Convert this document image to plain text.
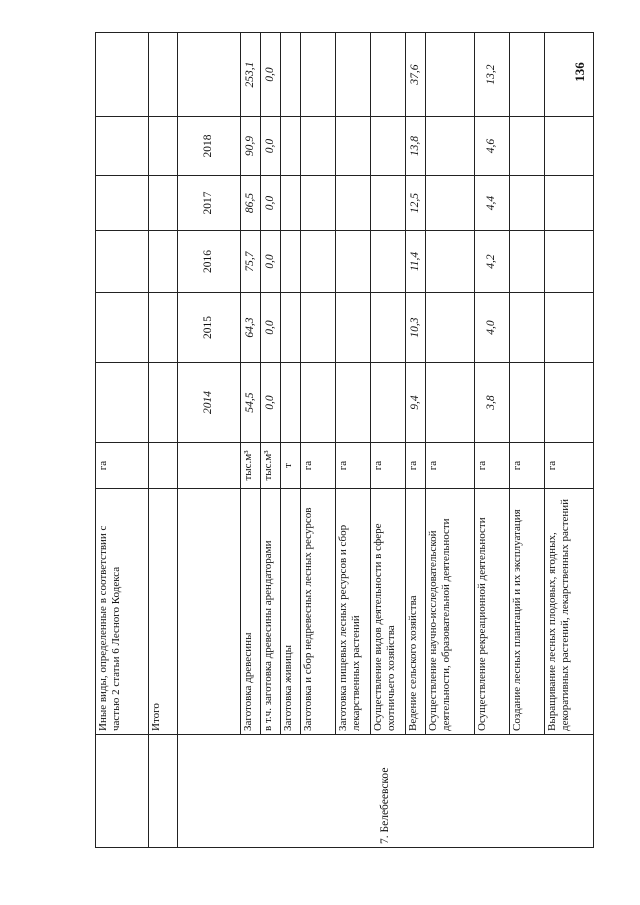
136
	Иные виды, определенные в соответствии с частью 2 статьи 6 Лесного Кодекса	га						
	Итого							
7. Белебеевское			2014	2015	2016	2017	2018	
	Заготовка древесины	тыс.м³	54,5	64,3	75,7	86,5	90,9	253,1
	в т.ч. заготовка древесины арендаторами	тыс.м³	0,0	0,0	0,0	0,0	0,0	0,0
	Заготовка живицы	т						
	Заготовка и сбор недревесных лесных ресурсов	га						
	Заготовка пищевых лесных ресурсов и сбор лекарственных растений	га						
	Осуществление видов деятельности в сфере охотничьего хозяйства	га						
	Ведение сельского хозяйства	га	9,4	10,3	11,4	12,5	13,8	37,6
	Осуществление научно-исследовательской деятельности, образовательной деятельности	га						
	Осуществление рекреационной деятельности	га	3,8	4,0	4,2	4,4	4,6	13,2
	Создание лесных плантаций и их эксплуатация	га						
	Выращивание лесных плодовых, ягодных, декоративных растений, лекарственных растений	га						
